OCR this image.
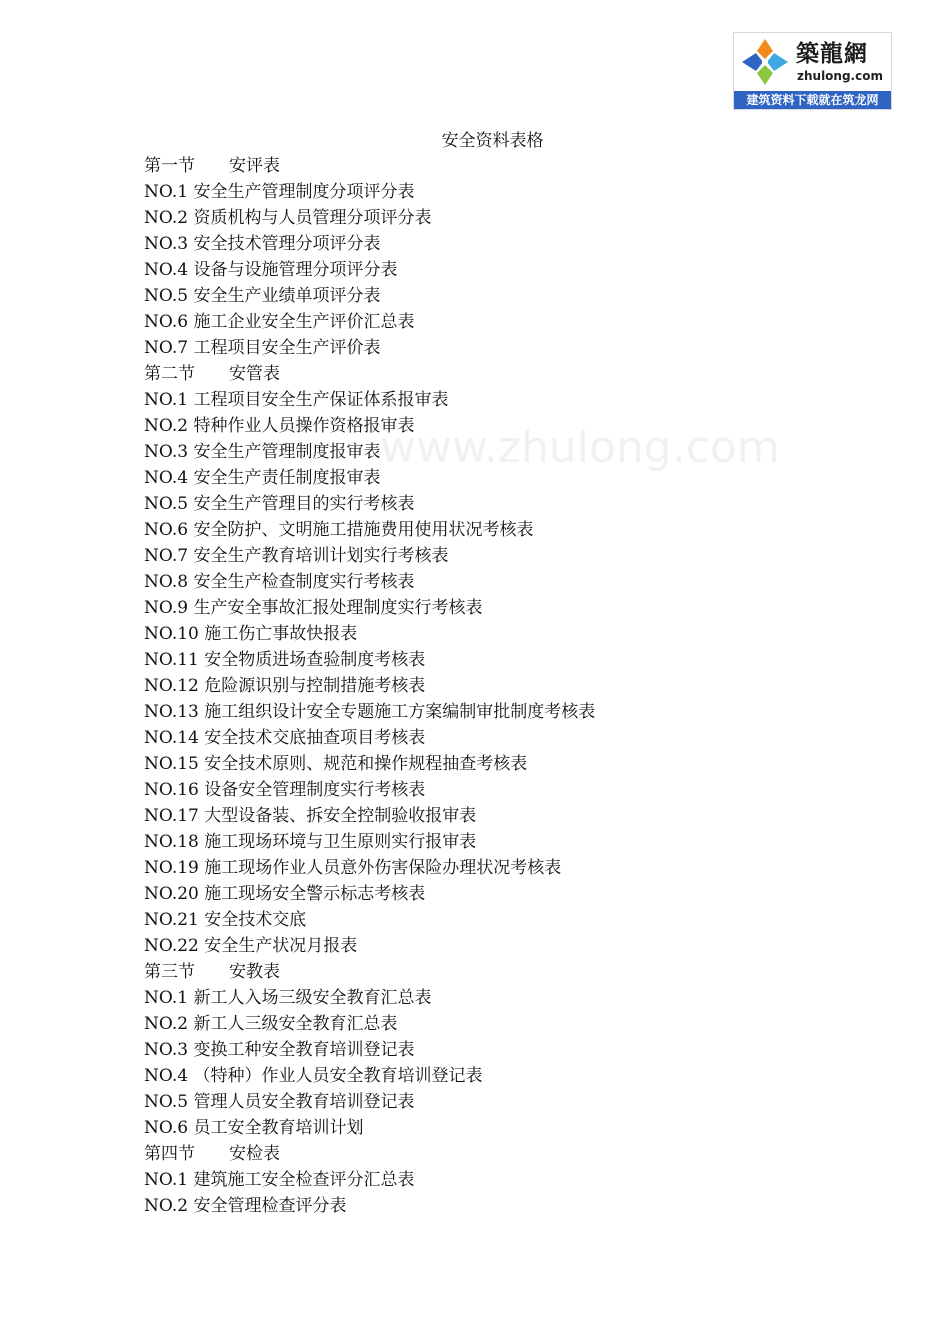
築龍網
zhulong.com
建筑资料下载就在筑龙网
www.zhulong.com
安全资料表格
第一节　　安评表
NO.1 安全生产管理制度分项评分表
NO.2 资质机构与人员管理分项评分表
NO.3 安全技术管理分项评分表
NO.4 设备与设施管理分项评分表
NO.5 安全生产业绩单项评分表
NO.6 施工企业安全生产评价汇总表
NO.7 工程项目安全生产评价表
第二节　　安管表
NO.1 工程项目安全生产保证体系报审表
NO.2 特种作业人员操作资格报审表
NO.3 安全生产管理制度报审表
NO.4 安全生产责任制度报审表
NO.5 安全生产管理目的实行考核表
NO.6 安全防护、文明施工措施费用使用状况考核表
NO.7 安全生产教育培训计划实行考核表
NO.8 安全生产检查制度实行考核表
NO.9 生产安全事故汇报处理制度实行考核表
NO.10 施工伤亡事故快报表
NO.11 安全物质进场查验制度考核表
NO.12 危险源识别与控制措施考核表
NO.13 施工组织设计安全专题施工方案编制审批制度考核表
NO.14 安全技术交底抽查项目考核表
NO.15 安全技术原则、规范和操作规程抽查考核表
NO.16 设备安全管理制度实行考核表
NO.17 大型设备装、拆安全控制验收报审表
NO.18 施工现场环境与卫生原则实行报审表
NO.19 施工现场作业人员意外伤害保险办理状况考核表
NO.20 施工现场安全警示标志考核表
NO.21 安全技术交底
NO.22 安全生产状况月报表
第三节　　安教表
NO.1 新工人入场三级安全教育汇总表
NO.2 新工人三级安全教育汇总表
NO.3 变换工种安全教育培训登记表
NO.4 （特种）作业人员安全教育培训登记表
NO.5 管理人员安全教育培训登记表
NO.6 员工安全教育培训计划
第四节　　安检表
NO.1 建筑施工安全检查评分汇总表
NO.2 安全管理检查评分表
